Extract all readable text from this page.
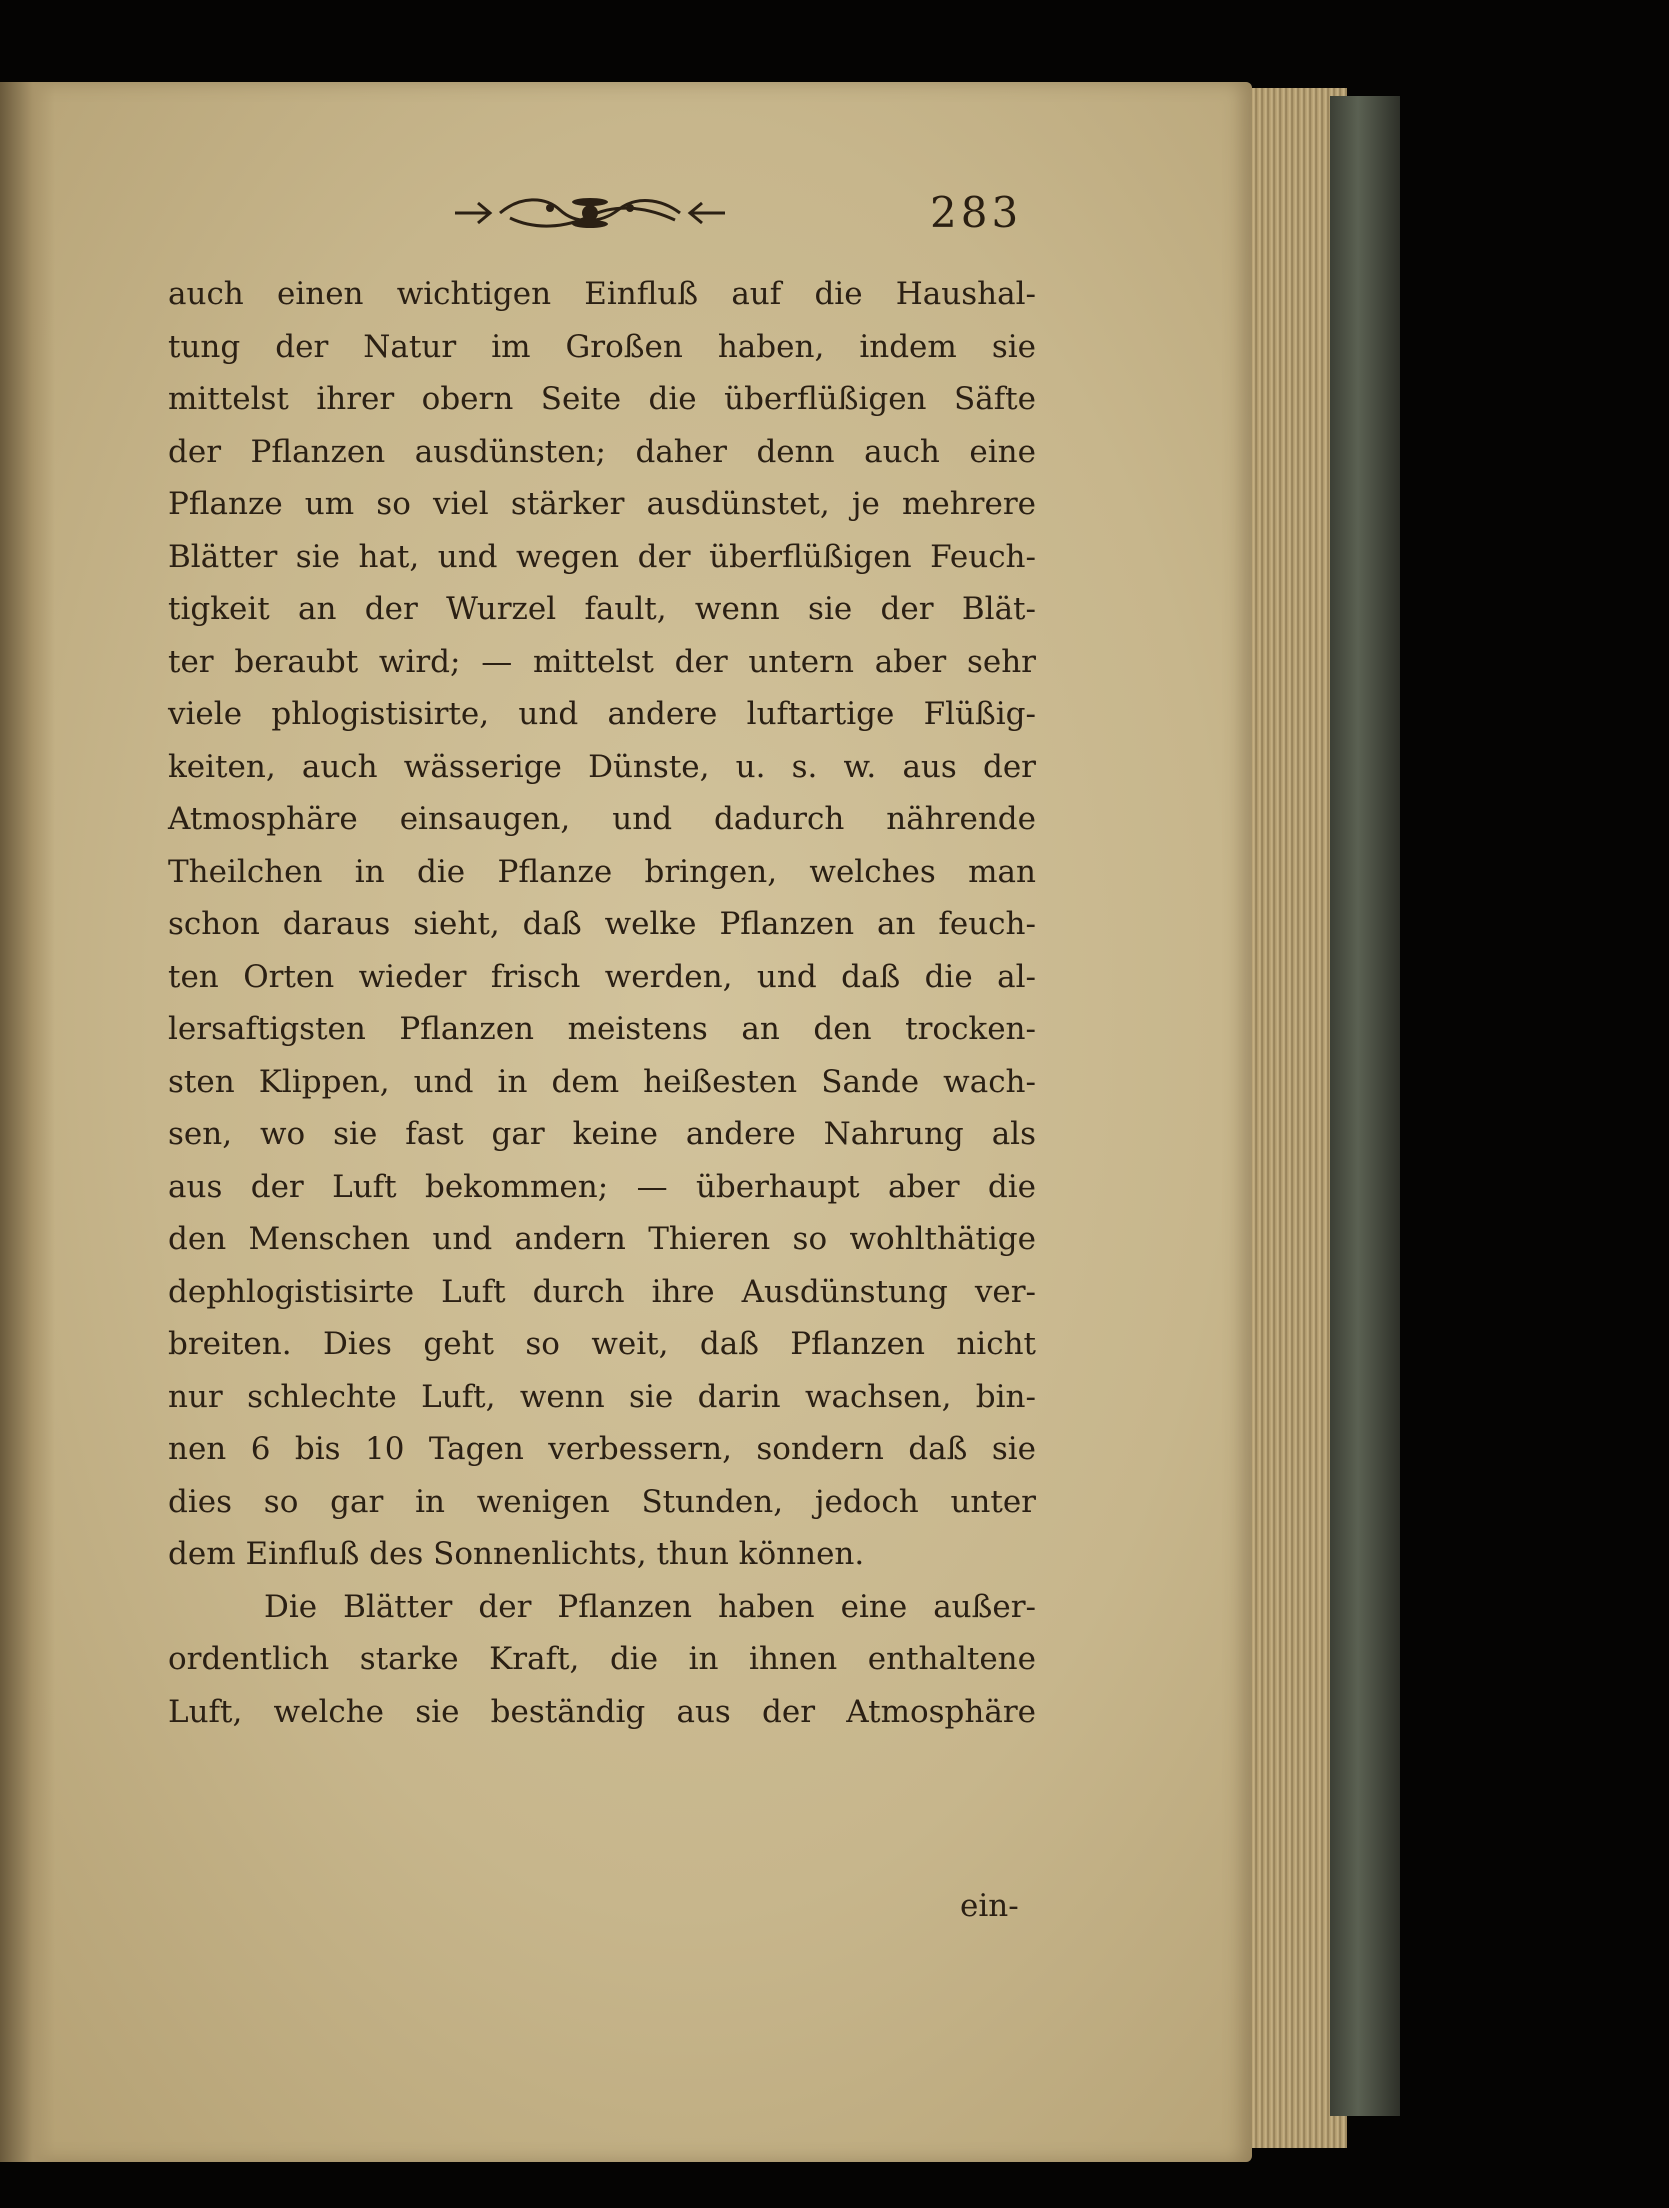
283
auch einen wichtigen Einfluß auf die Haushal-
tung der Natur im Großen haben, indem sie
mittelst ihrer obern Seite die überflüßigen Säfte
der Pflanzen ausdünsten; daher denn auch eine
Pflanze um so viel stärker ausdünstet, je mehrere
Blätter sie hat, und wegen der überflüßigen Feuch-
tigkeit an der Wurzel fault, wenn sie der Blät-
ter beraubt wird; — mittelst der untern aber sehr
viele phlogistisirte, und andere luftartige Flüßig-
keiten, auch wässerige Dünste, u. s. w. aus der
Atmosphäre einsaugen, und dadurch nährende
Theilchen in die Pflanze bringen, welches man
schon daraus sieht, daß welke Pflanzen an feuch-
ten Orten wieder frisch werden, und daß die al-
lersaftigsten Pflanzen meistens an den trocken-
sten Klippen, und in dem heißesten Sande wach-
sen, wo sie fast gar keine andere Nahrung als
aus der Luft bekommen; — überhaupt aber die
den Menschen und andern Thieren so wohlthätige
dephlogistisirte Luft durch ihre Ausdünstung ver-
breiten. Dies geht so weit, daß Pflanzen nicht
nur schlechte Luft, wenn sie darin wachsen, bin-
nen 6 bis 10 Tagen verbessern, sondern daß sie
dies so gar in wenigen Stunden, jedoch unter
dem Einfluß des Sonnenlichts, thun können.
Die Blätter der Pflanzen haben eine außer-
ordentlich starke Kraft, die in ihnen enthaltene
Luft, welche sie beständig aus der Atmosphäre
ein-
